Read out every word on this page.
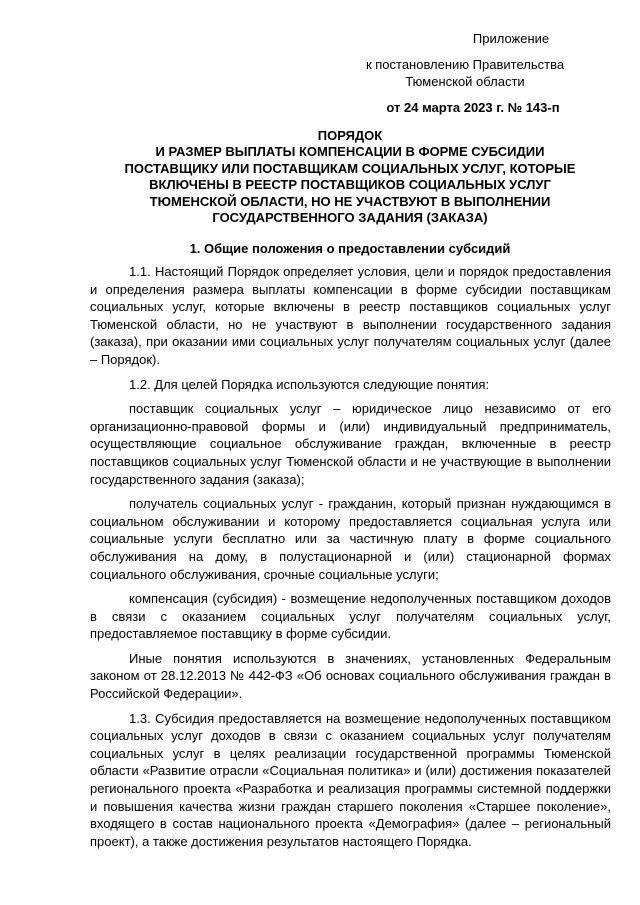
Приложение
к постановлению Правительства
Тюменской области
от 24 марта 2023 г. № 143-п
ПОРЯДОК
И РАЗМЕР ВЫПЛАТЫ КОМПЕНСАЦИИ В ФОРМЕ СУБСИДИИ
ПОСТАВЩИКУ ИЛИ ПОСТАВЩИКАМ СОЦИАЛЬНЫХ УСЛУГ, КОТОРЫЕ
ВКЛЮЧЕНЫ В РЕЕСТР ПОСТАВЩИКОВ СОЦИАЛЬНЫХ УСЛУГ
ТЮМЕНСКОЙ ОБЛАСТИ, НО НЕ УЧАСТВУЮТ В ВЫПОЛНЕНИИ
ГОСУДАРСТВЕННОГО ЗАДАНИЯ (ЗАКАЗА)
1. Общие положения о предоставлении субсидий

1.1. Настоящий Порядок определяет условия, цели и порядок предоставления и определения размера выплаты компенсации в форме субсидии поставщикам социальных услуг, которые включены в реестр поставщиков социальных услуг Тюменской области, но не участвуют в выполнении государственного задания (заказа), при оказании ими социальных услуг получателям социальных услуг (далее – Порядок).

1.2. Для целей Порядка используются следующие понятия:

поставщик социальных услуг – юридическое лицо независимо от его организационно-правовой формы и (или) индивидуальный предприниматель, осуществляющие социальное обслуживание граждан, включенные в реестр поставщиков социальных услуг Тюменской области и не участвующие в выполнении государственного задания (заказа);

получатель социальных услуг - гражданин, который признан нуждающимся в социальном обслуживании и которому предоставляется социальная услуга или социальные услуги бесплатно или за частичную плату в форме социального обслуживания на дому, в полустационарной и (или) стационарной формах социального обслуживания, срочные социальные услуги;

компенсация (субсидия) - возмещение недополученных поставщиком доходов в связи с оказанием социальных услуг получателям социальных услуг, предоставляемое поставщику в форме субсидии.

Иные понятия используются в значениях, установленных Федеральным законом от 28.12.2013 № 442-ФЗ «Об основах социального обслуживания граждан в Российской Федерации».

1.3. Субсидия предоставляется на возмещение недополученных поставщиком социальных услуг доходов в связи с оказанием социальных услуг получателям социальных услуг в целях реализации государственной программы Тюменской области «Развитие отрасли «Социальная политика» и (или) достижения показателей регионального проекта «Разработка и реализация программы системной поддержки и повышения качества жизни граждан старшего поколения «Старшее поколение», входящего в состав национального проекта «Демография» (далее – региональный проект), а также достижения результатов настоящего Порядка.
